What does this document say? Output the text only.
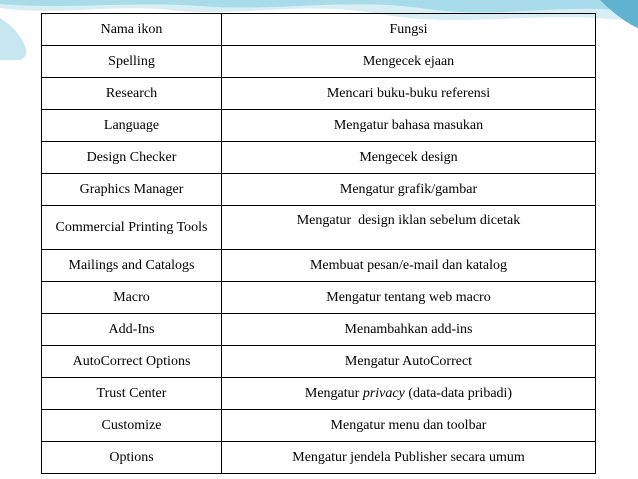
Nama ikon	Fungsi
Spelling	Mengecek ejaan
Research	Mencari buku-buku referensi
Language	Mengatur bahasa masukan
Design Checker	Mengecek design
Graphics Manager	Mengatur grafik/gambar
Commercial Printing Tools	Mengatur  design iklan sebelum dicetak
Mailings and Catalogs	Membuat pesan/e-mail dan katalog
Macro	Mengatur tentang web macro
Add-Ins	Menambahkan add-ins
AutoCorrect Options	Mengatur AutoCorrect
Trust Center	Mengatur privacy (data-data pribadi)
Customize	Mengatur menu dan toolbar
Options	Mengatur jendela Publisher secara umum
